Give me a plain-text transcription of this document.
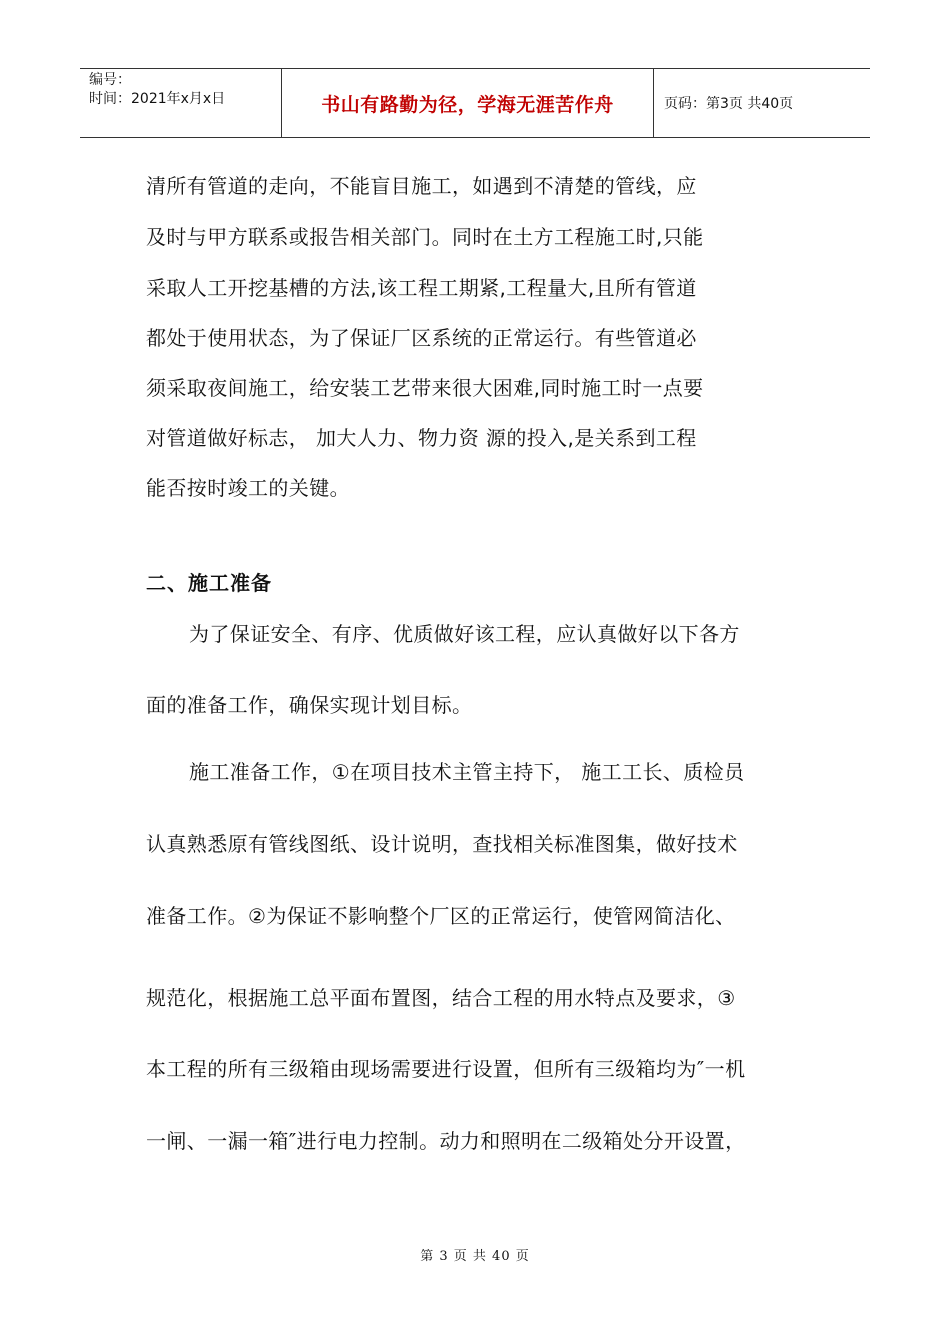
编号：
时间：2021年x月x日	书山有路勤为径，学海无涯苦作舟	页码：第3页 共40页
清所有管道的走向，不能盲目施工，如遇到不清楚的管线，应
及时与甲方联系或报告相关部门。同时在土方工程施工时,只能
采取人工开挖基槽的方法,该工程工期紧,工程量大,且所有管道
都处于使用状态，为了保证厂区系统的正常运行。有些管道必
须采取夜间施工，给安装工艺带来很大困难,同时施工时一点要
对管道做好标志， 加大人力、物力资 源的投入,是关系到工程
能否按时竣工的关键。
二、施工准备
为了保证安全、有序、优质做好该工程，应认真做好以下各方
面的准备工作，确保实现计划目标。
施工准备工作，①在项目技术主管主持下， 施工工长、质检员
认真熟悉原有管线图纸、设计说明，查找相关标准图集，做好技术
准备工作。②为保证不影响整个厂区的正常运行，使管网简洁化、
规范化，根据施工总平面布置图，结合工程的用水特点及要求，③
本工程的所有三级箱由现场需要进行设置，但所有三级箱均为″一机
一闸、一漏一箱″进行电力控制。动力和照明在二级箱处分开设置，
第 3 页 共 40 页
